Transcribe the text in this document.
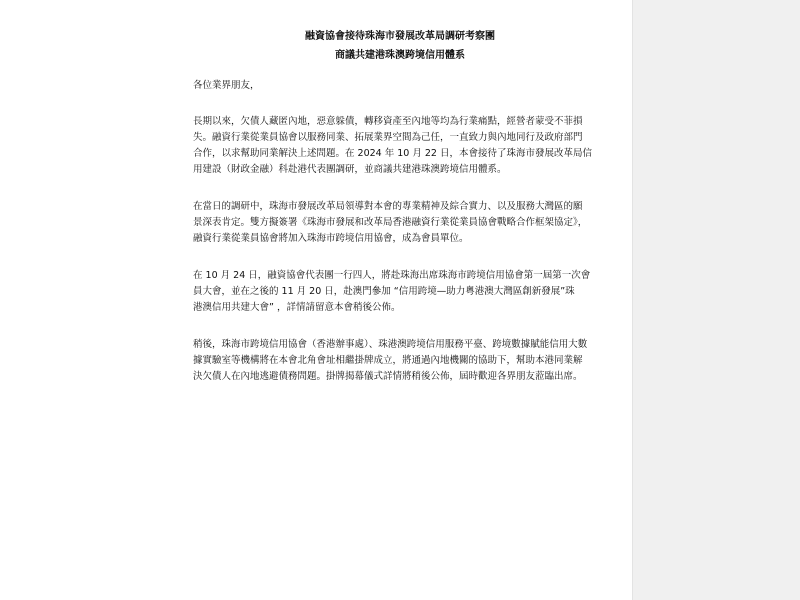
融資協會接待珠海市發展改革局調研考察團
商議共建港珠澳跨境信用體系

各位業界朋友，

長期以來，欠債人藏匿內地，惡意躲債，轉移資產至內地等均為行業痛點，經營者蒙受不菲損
失。融資行業從業員協會以服務同業、拓展業界空間為己任，一直致力與內地同行及政府部門
合作，以求幫助同業解決上述問題。在 2024 年 10 月 22 日，本會接待了珠海市發展改革局信
用建設（財政金融）科赴港代表團調研，並商議共建港珠澳跨境信用體系。

在當日的調研中，珠海市發展改革局領導對本會的專業精神及綜合實力、以及服務大灣區的願
景深表肯定。雙方擬簽署《珠海市發展和改革局香港融資行業從業員協會戰略合作框架協定》，
融資行業從業員協會將加入珠海市跨境信用協會，成為會員單位。

在 10 月 24 日，融資協會代表團一行四人，將赴珠海出席珠海市跨境信用協會第一屆第一次會
員大會，並在之後的 11 月 20 日，赴澳門參加 “信用跨境—助力粵港澳大灣區創新發展”珠
港澳信用共建大會” ，詳情請留意本會稍後公佈。

稍後，珠海市跨境信用協會（香港辦事處）、珠港澳跨境信用服務平臺、跨境數據賦能信用大數
據實驗室等機構將在本會北角會址相繼掛牌成立，將通過內地機關的協助下，幫助本港同業解
決欠債人在內地逃避債務問題。掛牌揭幕儀式詳情將稍後公佈，屆時歡迎各界朋友蒞臨出席。
